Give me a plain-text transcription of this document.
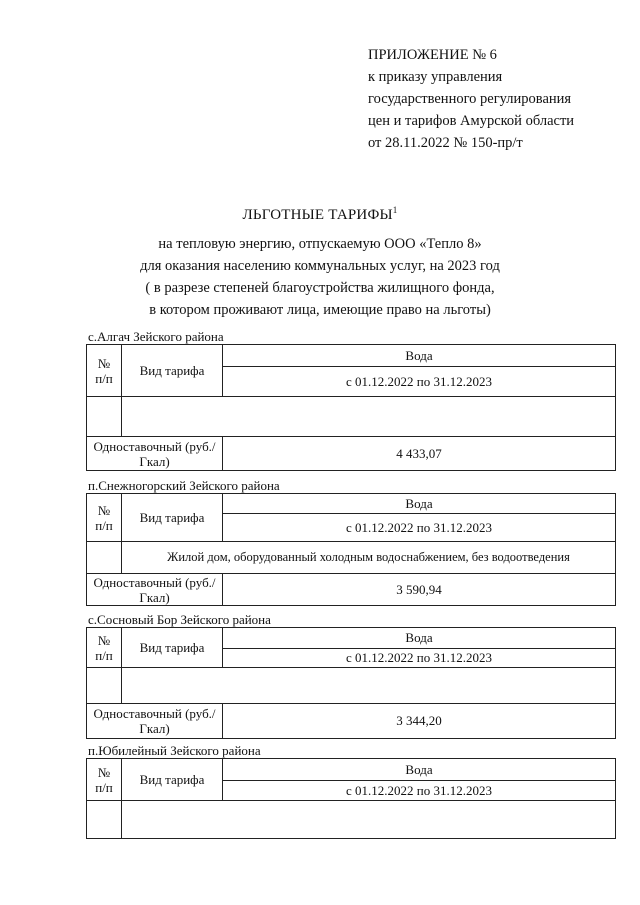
ПРИЛОЖЕНИЕ № 6
к приказу управления
государственного регулирования
цен и тарифов Амурской области
от 28.11.2022 № 150-пр/т
ЛЬГОТНЫЕ ТАРИФЫ$^1$
на тепловую энергию, отпускаемую ООО «Тепло 8»
для оказания населению коммунальных услуг, на 2023 год
( в разрезе степеней благоустройства жилищного фонда,
в котором проживают лица, имеющие право на льготы)
с.Алгач Зейского района
№ п/п	Вид тарифа	Вода
		с 01.12.2022 по 31.12.2023

Одноставочный (руб./Гкал)		4 433,07
п.Снежногорский Зейского района
№ п/п	Вид тарифа	Вода
		с 01.12.2022 по 31.12.2023
	Жилой дом, оборудованный холодным водоснабжением, без водоотведения	
Одноставочный (руб./Гкал)		3 590,94
с.Сосновый Бор Зейского района
№ п/п	Вид тарифа	Вода
		с 01.12.2022 по 31.12.2023

Одноставочный (руб./Гкал)		3 344,20
п.Юбилейный Зейского района
№ п/п	Вид тарифа	Вода
		с 01.12.2022 по 31.12.2023
